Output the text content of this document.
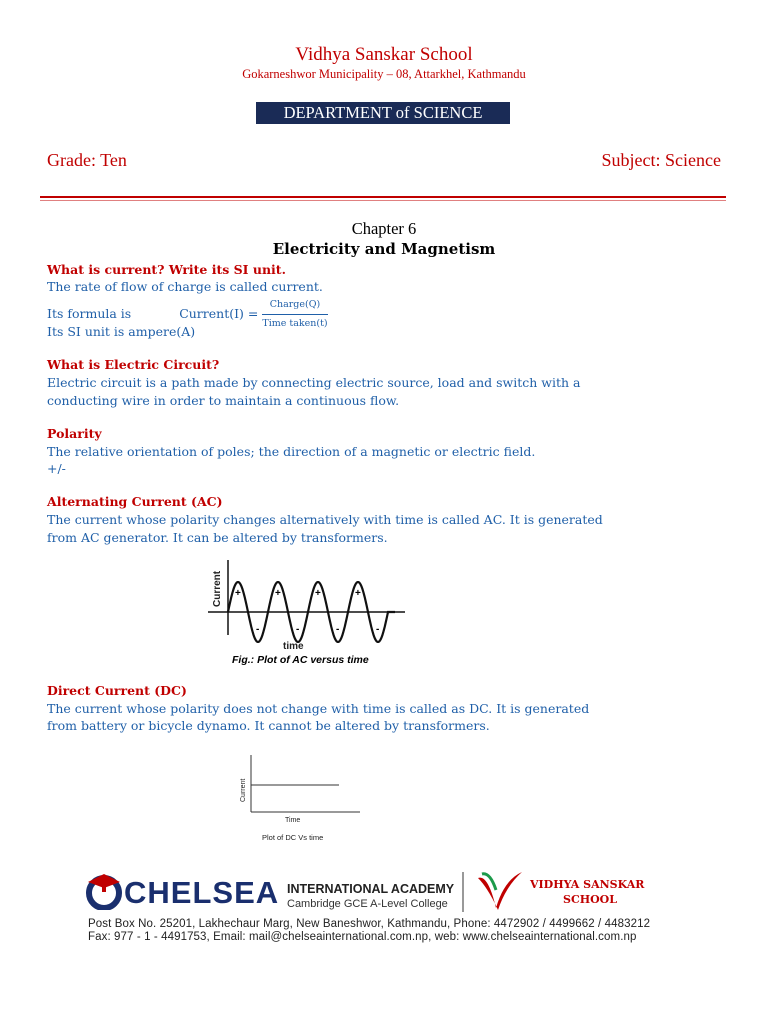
Vidhya Sanskar School
Gokarneshwor Municipality – 08, Attarkhel, Kathmandu
DEPARTMENT of SCIENCE
Grade: Ten	Subject: Science
Chapter 6
Electricity and Magnetism
What is current? Write its SI unit.
The rate of flow of charge is called current.
Its formula is	Current(I) = $\frac{\text{Charge(Q)}}{\text{Time taken(t)}}$
Its SI unit is ampere(A)
What is Electric Circuit?
Electric circuit is a path made by connecting electric source, load and switch with a
conducting wire in order to maintain a continuous flow.
Polarity
The relative orientation of poles; the direction of a magnetic or electric field.
+/-
Alternating Current (AC)
The current whose polarity changes alternatively with time is called AC. It is generated
from AC generator. It can be altered by transformers.
Current
time
+
-
+
-
+
-
+
-
Fig.: Plot of AC versus time
Direct Current (DC)
The current whose polarity does not change with time is called as DC. It is generated
from battery or bicycle dynamo. It cannot be altered by transformers.
Current
Time
Plot of DC Vs time
CHELSEA INTERNATIONAL ACADEMY
Cambridge GCE A-Level College
VIDHYA SANSKAR
SCHOOL
Post Box No. 25201, Lakhechaur Marg, New Baneshwor, Kathmandu, Phone: 4472902 / 4499662 / 4483212
Fax: 977 - 1 - 4491753, Email: mail@chelseainternational.com.np, web: www.chelseainternational.com.np
